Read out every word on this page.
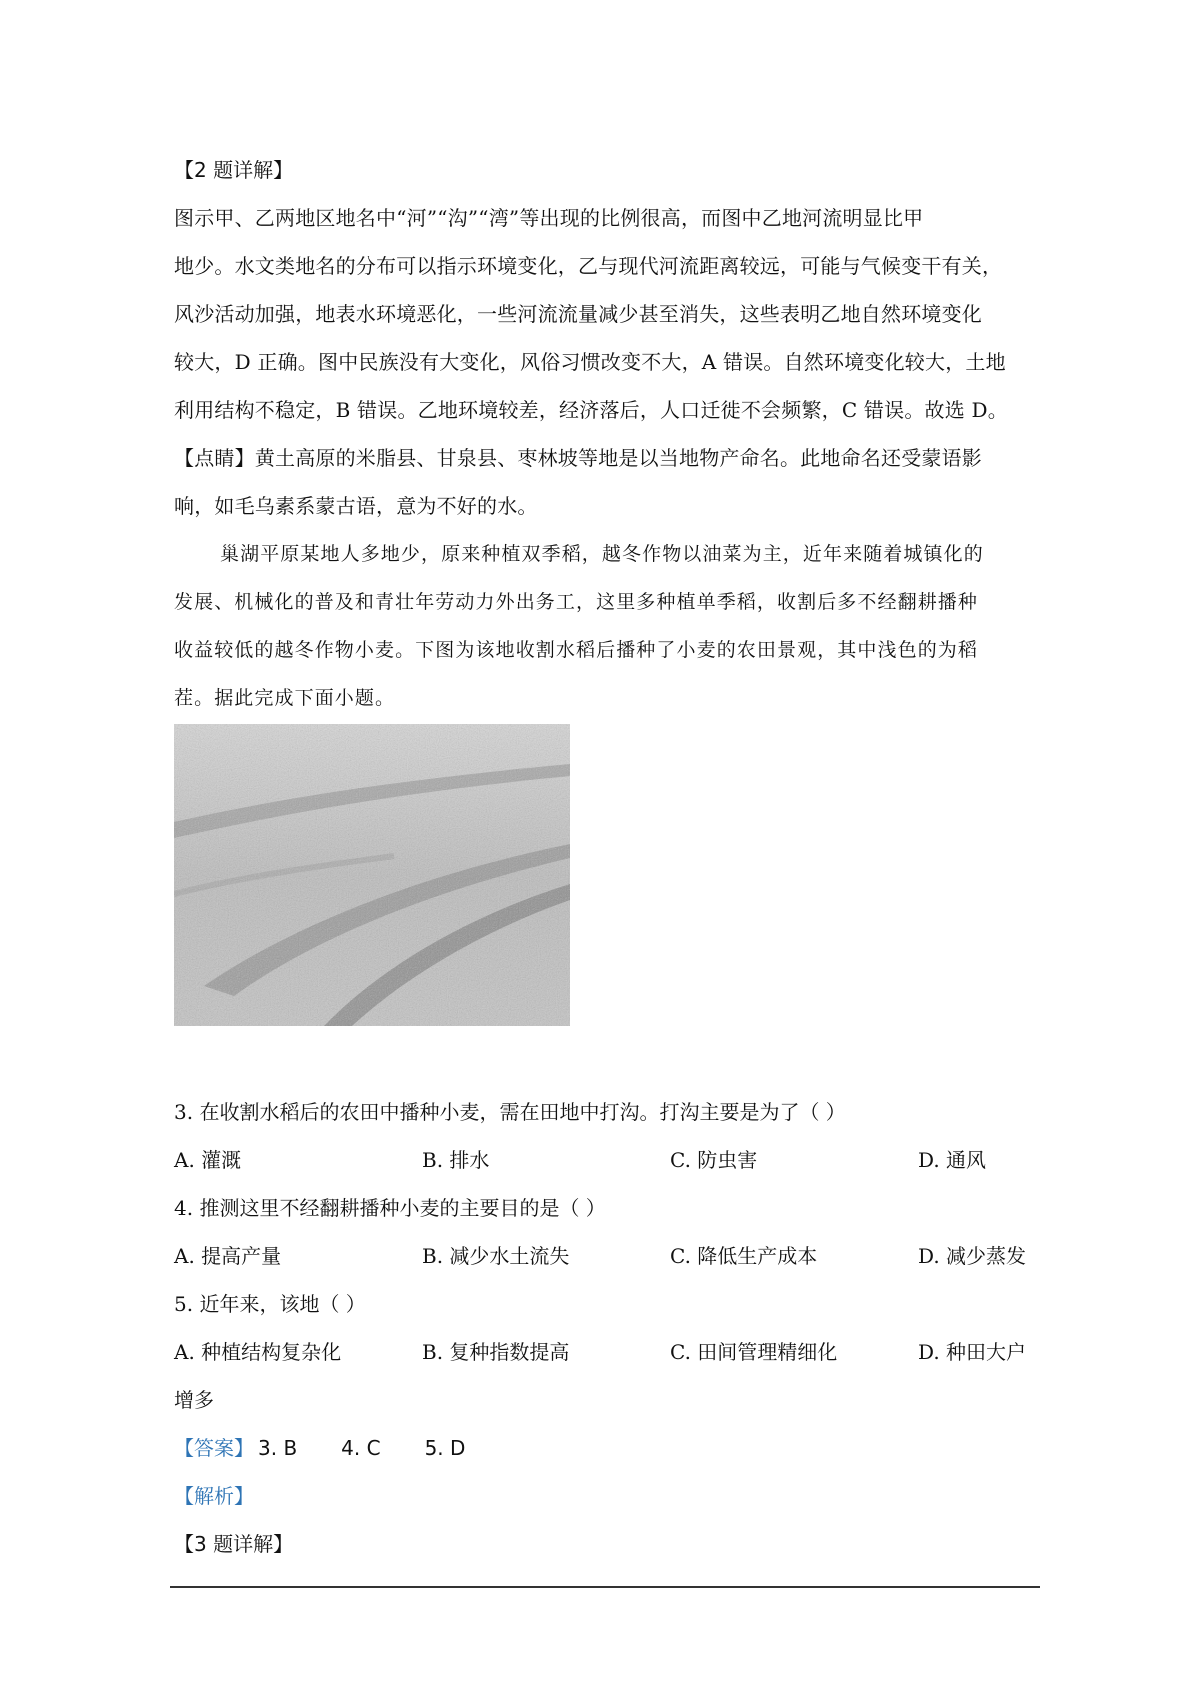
【2 题详解】
图示甲、乙两地区地名中“河”“沟”“湾”等出现的比例很高，而图中乙地河流明显比甲
地少。水文类地名的分布可以指示环境变化，乙与现代河流距离较远，可能与气候变干有关，
风沙活动加强，地表水环境恶化，一些河流流量减少甚至消失，这些表明乙地自然环境变化
较大，D 正确。图中民族没有大变化，风俗习惯改变不大，A 错误。自然环境变化较大，土地
利用结构不稳定，B 错误。乙地环境较差，经济落后，人口迁徙不会频繁，C 错误。故选 D。
【点睛】黄土高原的米脂县、甘泉县、枣林坡等地是以当地物产命名。此地命名还受蒙语影
响，如毛乌素系蒙古语，意为不好的水。
巢湖平原某地人多地少，原来种植双季稻，越冬作物以油菜为主，近年来随着城镇化的
发展、机械化的普及和青壮年劳动力外出务工，这里多种植单季稻，收割后多不经翻耕播种
收益较低的越冬作物小麦。下图为该地收割水稻后播种了小麦的农田景观，其中浅色的为稻
茬。据此完成下面小题。
3. 在收割水稻后的农田中播种小麦，需在田地中打沟。打沟主要是为了（ ）
A. 灌溉	B. 排水	C. 防虫害	D. 通风
4. 推测这里不经翻耕播种小麦的主要目的是（ ）
A. 提高产量	B. 减少水土流失	C. 降低生产成本	D. 减少蒸发
5. 近年来，该地（ ）
A. 种植结构复杂化	B. 复种指数提高	C. 田间管理精细化	D. 种田大户
增多
【答案】 3. B 4. C 5. D
【解析】
【3 题详解】
